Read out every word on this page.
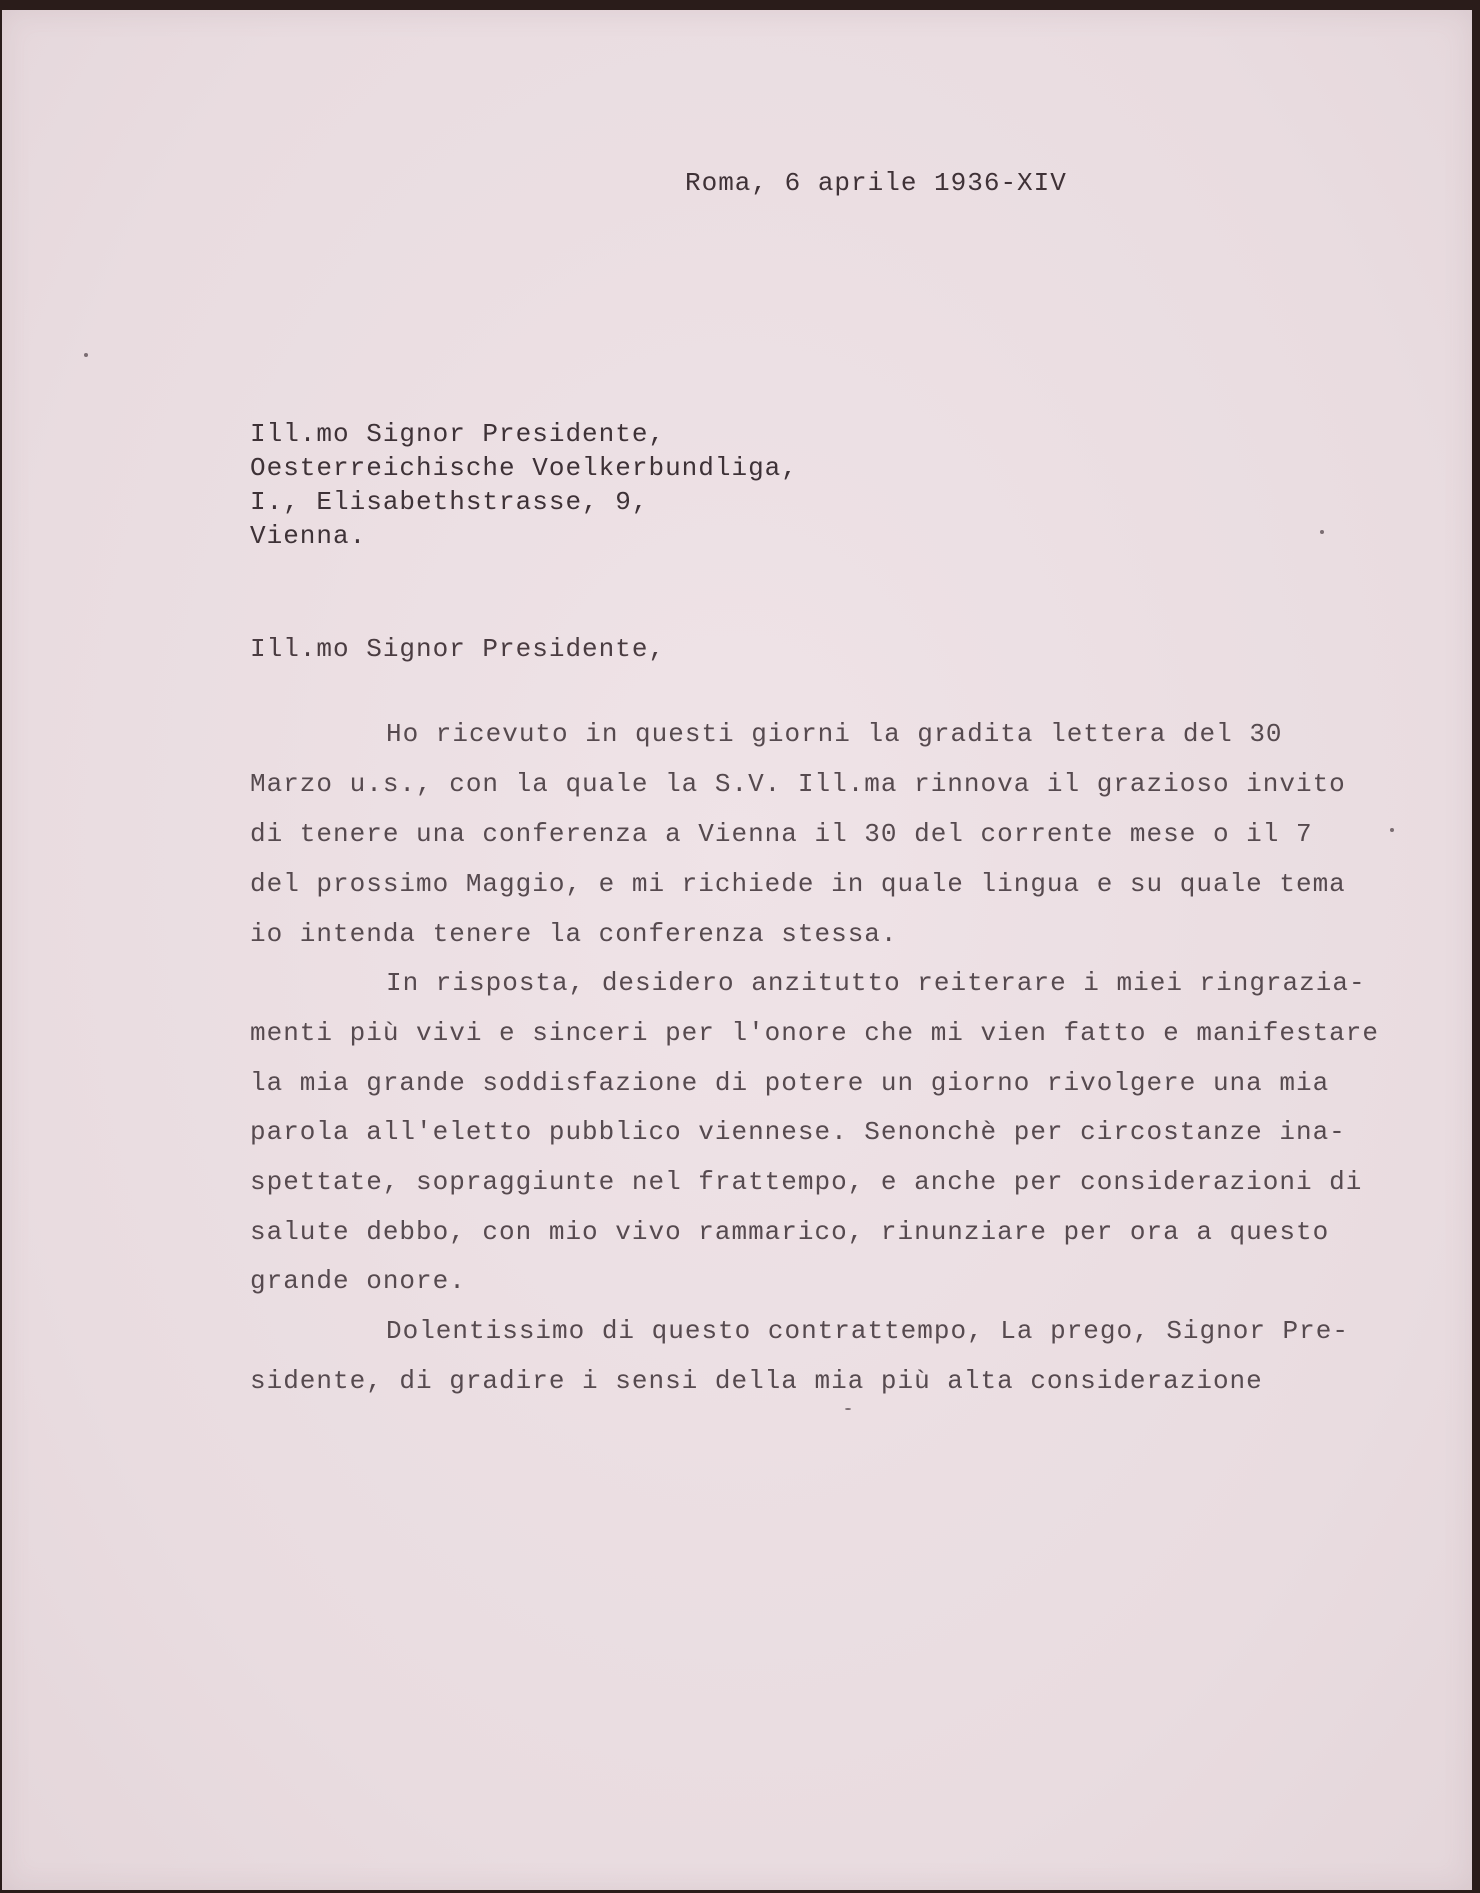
Roma, 6 aprile 1936-XIV
Ill.mo Signor Presidente,
Oesterreichische Voelkerbundliga,
I., Elisabethstrasse, 9,
Vienna.
Ill.mo Signor Presidente,
Ho ricevuto in questi giorni la gradita lettera del 30
Marzo u.s., con la quale la S.V. Ill.ma rinnova il grazioso invito
di tenere una conferenza a Vienna il 30 del corrente mese o il 7
del prossimo Maggio, e mi richiede in quale lingua e su quale tema
io intenda tenere la conferenza stessa.
In risposta, desidero anzitutto reiterare i miei ringrazia-
menti più vivi e sinceri per l'onore che mi vien fatto e manifestare
la mia grande soddisfazione di potere un giorno rivolgere una mia
parola all'eletto pubblico viennese. Senonchè per circostanze ina-
spettate, sopraggiunte nel frattempo, e anche per considerazioni di
salute debbo, con mio vivo rammarico, rinunziare per ora a questo
grande onore.
Dolentissimo di questo contrattempo, La prego, Signor Pre-
sidente, di gradire i sensi della mia più alta considerazione
